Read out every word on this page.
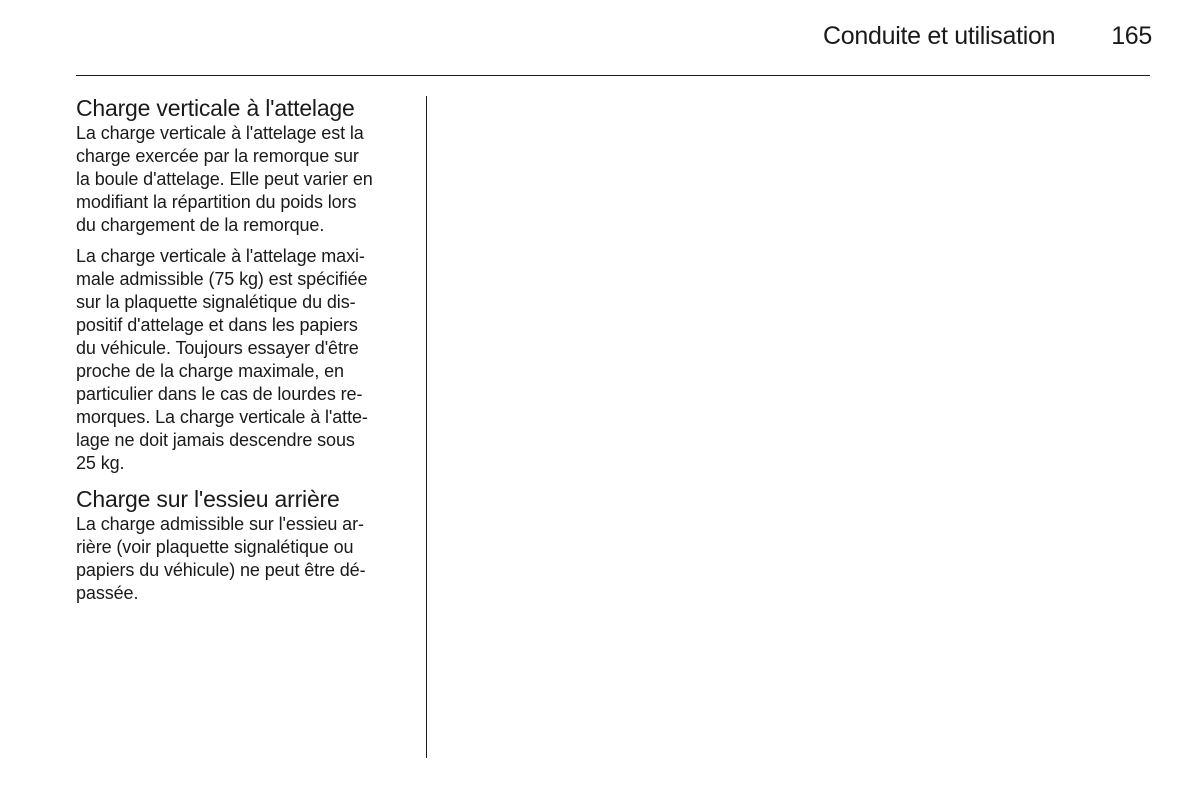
Conduite et utilisation 165
Charge verticale à l'attelage

La charge verticale à l'attelage est la
charge exercée par la remorque sur
la boule d'attelage. Elle peut varier en
modifiant la répartition du poids lors
du chargement de la remorque.

La charge verticale à l'attelage maxi-
male admissible (75 kg) est spécifiée
sur la plaquette signalétique du dis-
positif d'attelage et dans les papiers
du véhicule. Toujours essayer d'être
proche de la charge maximale, en
particulier dans le cas de lourdes re-
morques. La charge verticale à l'atte-
lage ne doit jamais descendre sous
25 kg.

Charge sur l'essieu arrière

La charge admissible sur l'essieu ar-
rière (voir plaquette signalétique ou
papiers du véhicule) ne peut être dé-
passée.
